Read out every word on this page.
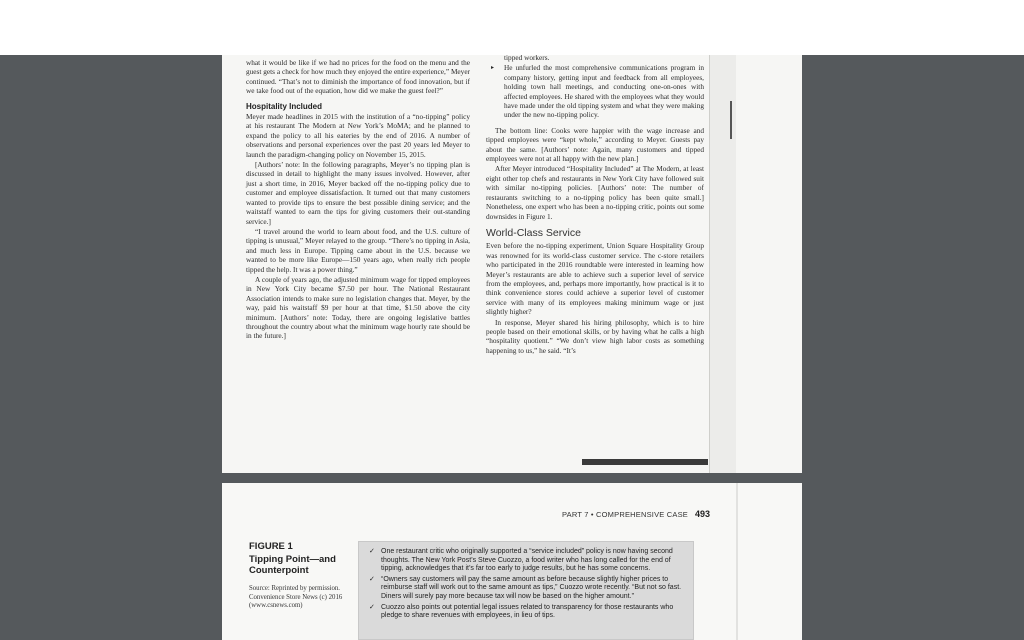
what it would be like if we had no prices for the food on the menu and the guest gets a check for how much they enjoyed the entire experience,” Meyer continued. “That’s not to diminish the importance of food innovation, but if we take food out of the equation, how did we make the guest feel?”

Hospitality Included

Meyer made headlines in 2015 with the institution of a “no-tipping” policy at his restaurant The Modern at New York’s MoMA; and he planned to expand the policy to all his eateries by the end of 2016. A number of observations and personal experiences over the past 20 years led Meyer to launch the paradigm-changing policy on November 15, 2015.

[Authors’ note: In the following paragraphs, Meyer’s no tipping plan is discussed in detail to highlight the many issues involved. However, after just a short time, in 2016, Meyer backed off the no-tipping policy due to customer and employee dissatisfaction. It turned out that many customers wanted to provide tips to ensure the best possible dining service; and the waitstaff wanted to earn the tips for giving customers their out-standing service.]

“I travel around the world to learn about food, and the U.S. culture of tipping is unusual,” Meyer relayed to the group. “There’s no tipping in Asia, and much less in Europe. Tipping came about in the U.S. because we wanted to be more like Europe—150 years ago, when really rich people tipped the help. It was a power thing.”

A couple of years ago, the adjusted minimum wage for tipped employees in New York City became $7.50 per hour. The National Restaurant Association intends to make sure no legislation changes that. Meyer, by the way, paid his waitstaff $9 per hour at that time, $1.50 above the city minimum. [Authors’ note: Today, there are ongoing legislative battles throughout the country about what the minimum wage hourly rate should be in the future.]

tipped workers.

▸ He unfurled the most comprehensive communications program in company history, getting input and feedback from all employees, holding town hall meetings, and conducting one-on-ones with affected employees. He shared with the employees what they would have made under the old tipping system and what they were making under the new no-tipping policy.

The bottom line: Cooks were happier with the wage increase and tipped employees were “kept whole,” according to Meyer. Guests pay about the same. [Authors’ note: Again, many customers and tipped employees were not at all happy with the new plan.]

After Meyer introduced “Hospitality Included” at The Modern, at least eight other top chefs and restaurants in New York City have followed suit with similar no-tipping policies. [Authors’ note: The number of restaurants switching to a no-tipping policy has been quite small.] Nonetheless, one expert who has been a no-tipping critic, points out some downsides in Figure 1.

World-Class Service

Even before the no-tipping experiment, Union Square Hospitality Group was renowned for its world-class customer service. The c-store retailers who participated in the 2016 roundtable were interested in learning how Meyer’s restaurants are able to achieve such a superior level of service from the employees, and, perhaps more importantly, how practical is it to think convenience stores could achieve a superior level of customer service with many of its employees making minimum wage or just slightly higher?

In response, Meyer shared his hiring philosophy, which is to hire people based on their emotional skills, or by having what he calls a high “hospitality quotient.” “We don’t view high labor costs as something happening to us,” he said. “It’s

PART 7 • COMPREHENSIVE CASE 493
FIGURE 1
Tipping Point—and Counterpoint
Source: Reprinted by permission. Convenience Store News (c) 2016 (www.csnews.com)
✓ One restaurant critic who originally supported a “service included” policy is now having second thoughts. The New York Post’s Steve Cuozzo, a food writer who has long called for the end of tipping, acknowledges that it’s far too early to judge results, but he has some concerns.
✓ “Owners say customers will pay the same amount as before because slightly higher prices to reimburse staff will work out to the same amount as tips,” Cuozzo wrote recently. “But not so fast. Diners will surely pay more because tax will now be based on the higher amount.”
✓ Cuozzo also points out potential legal issues related to transparency for those restaurants who pledge to share revenues with employees, in lieu of tips.
